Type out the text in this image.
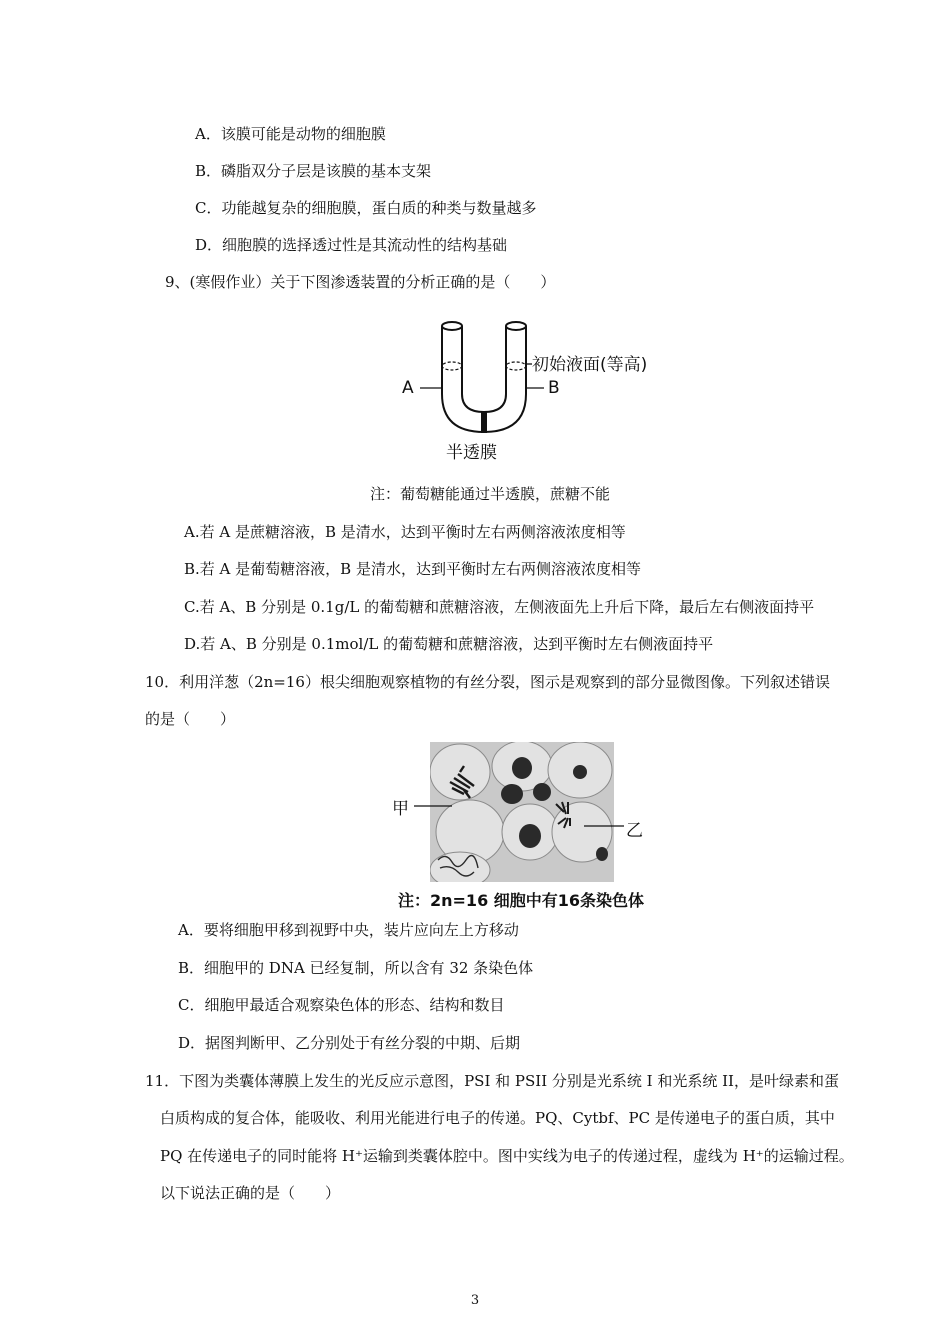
A．该膜可能是动物的细胞膜
B．磷脂双分子层是该膜的基本支架
C．功能越复杂的细胞膜，蛋白质的种类与数量越多
D．细胞膜的选择透过性是其流动性的结构基础
9、(寒假作业）关于下图渗透装置的分析正确的是（　　）
A	B
初始液面(等高)
半透膜
注：葡萄糖能通过半透膜，蔗糖不能
A.若 A 是蔗糖溶液，B 是清水，达到平衡时左右两侧溶液浓度相等
B.若 A 是葡萄糖溶液，B 是清水，达到平衡时左右两侧溶液浓度相等
C.若 A、B 分别是 0.1g/L 的葡萄糖和蔗糖溶液，左侧液面先上升后下降，最后左右侧液面持平
D.若 A、B 分别是 0.1mol/L 的葡萄糖和蔗糖溶液，达到平衡时左右侧液面持平
10．利用洋葱（2n=16）根尖细胞观察植物的有丝分裂，图示是观察到的部分显微图像。下列叙述错误
的是（　　）
甲
乙
注：2n=16 细胞中有16条染色体
A．要将细胞甲移到视野中央，装片应向左上方移动
B．细胞甲的 DNA 已经复制，所以含有 32 条染色体
C．细胞甲最适合观察染色体的形态、结构和数目
D．据图判断甲、乙分别处于有丝分裂的中期、后期
11．下图为类囊体薄膜上发生的光反应示意图，PSI 和 PSII 分别是光系统 I 和光系统 II，是叶绿素和蛋
白质构成的复合体，能吸收、利用光能进行电子的传递。PQ、Cytbf、PC 是传递电子的蛋白质，其中
PQ 在传递电子的同时能将 H⁺运输到类囊体腔中。图中实线为电子的传递过程，虚线为 H⁺的运输过程。
以下说法正确的是（　　）
3
